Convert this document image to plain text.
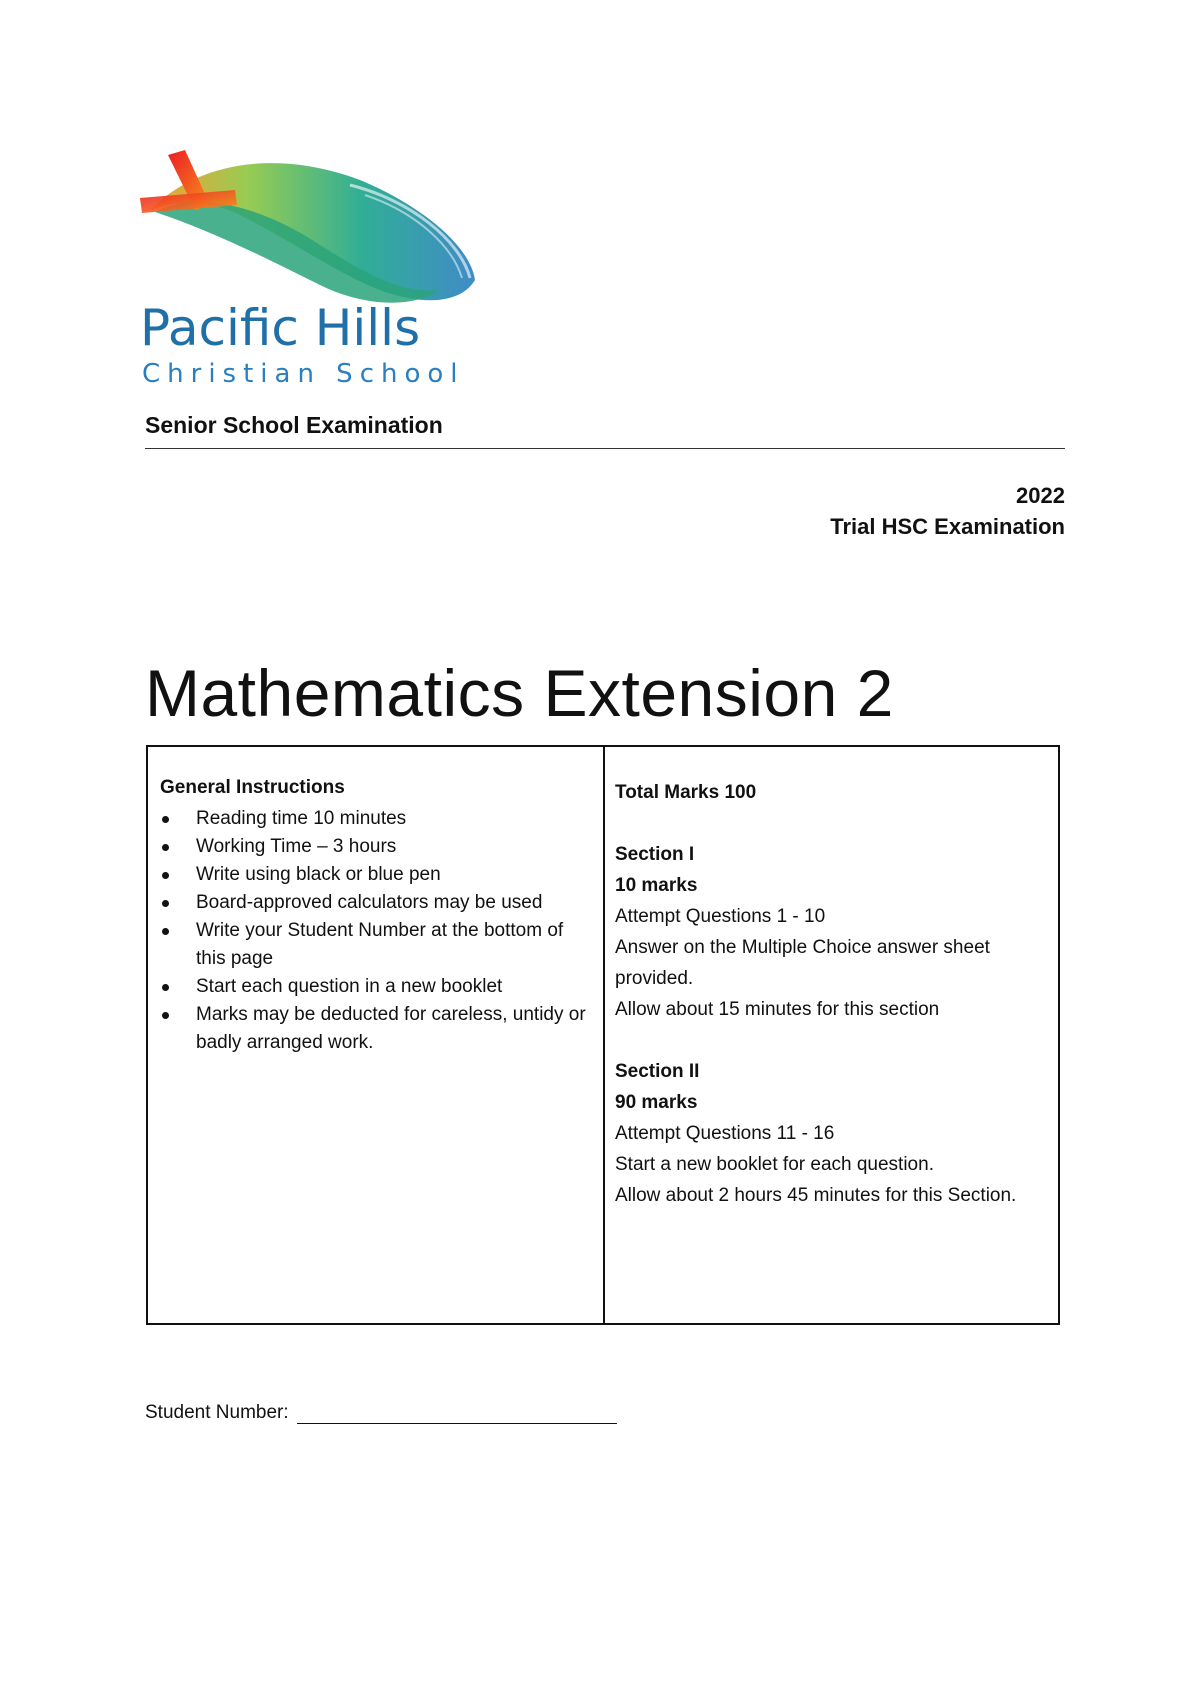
Pacific Hills
Christian School
Senior School Examination
2022
Trial HSC Examination
Mathematics Extension 2
General Instructions
Reading time 10 minutes
Working Time – 3 hours
Write using black or blue pen
Board-approved calculators may be used
Write your Student Number at the bottom of this page
Start each question in a new booklet
Marks may be deducted for careless, untidy or badly arranged work.
Total Marks 100
Section I
10 marks
Attempt Questions 1 - 10
Answer on the Multiple Choice answer sheet provided.
Allow about 15 minutes for this section
Section II
90 marks
Attempt Questions 11 - 16
Start a new booklet for each question.
Allow about 2 hours 45 minutes for this Section.
Student Number:
